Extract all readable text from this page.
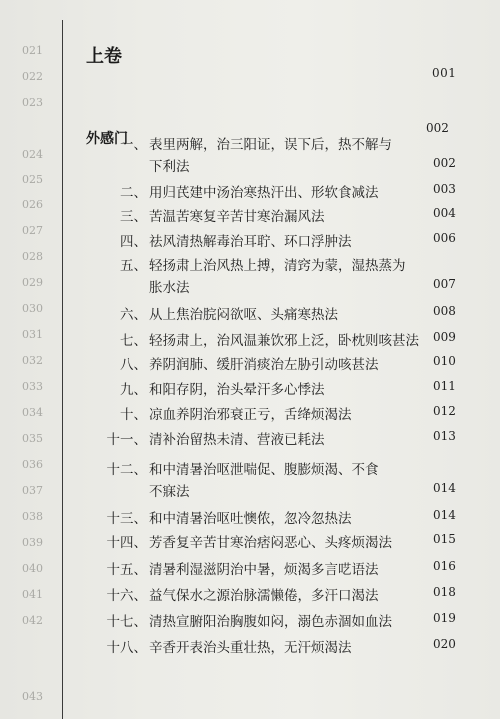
上卷
001
外感门
002
一、 表里两解，治三阳证，误下后，热不解与
下利法	002
二、 用归芪建中汤治寒热汗出、形软食减法	003
三、 苦温苦寒复辛苦甘寒治漏风法	004
四、 祛风清热解毒治耳聍、环口浮肿法	006
五、 轻扬肃上治风热上搏，清窍为蒙，湿热蒸为
胀水法	007
六、 从上焦治脘闷欲呕、头痛寒热法	008
七、 轻扬肃上，治风温兼饮邪上泛，卧枕则咳甚法 009
八、 养阴润肺、缓肝消痰治左胁引动咳甚法	010
九、 和阳存阴，治头晕汗多心悸法	011
十、 凉血养阴治邪衰正亏，舌绛烦渴法	012
十一、 清补治留热未清、营液已耗法	013
十二、 和中清暑治呕泄喘促、腹膨烦渴、不食
不寐法	014
十三、 和中清暑治呕吐懊侬，忽冷忽热法	014
十四、 芳香复辛苦甘寒治痞闷恶心、头疼烦渴法	015
十五、 清暑利湿滋阴治中暑，烦渴多言呓语法	016
十六、 益气保水之源治脉濡懒倦，多汗口渴法	018
十七、 清热宣腑阳治胸腹如闷，溺色赤涸如血法	019
十八、 辛香开表治头重壮热，无汗烦渴法	020
021
022
023
024
025
026
027
028
029
030
031
032
033
034
035
036
037
038
039
040
041
042
043
